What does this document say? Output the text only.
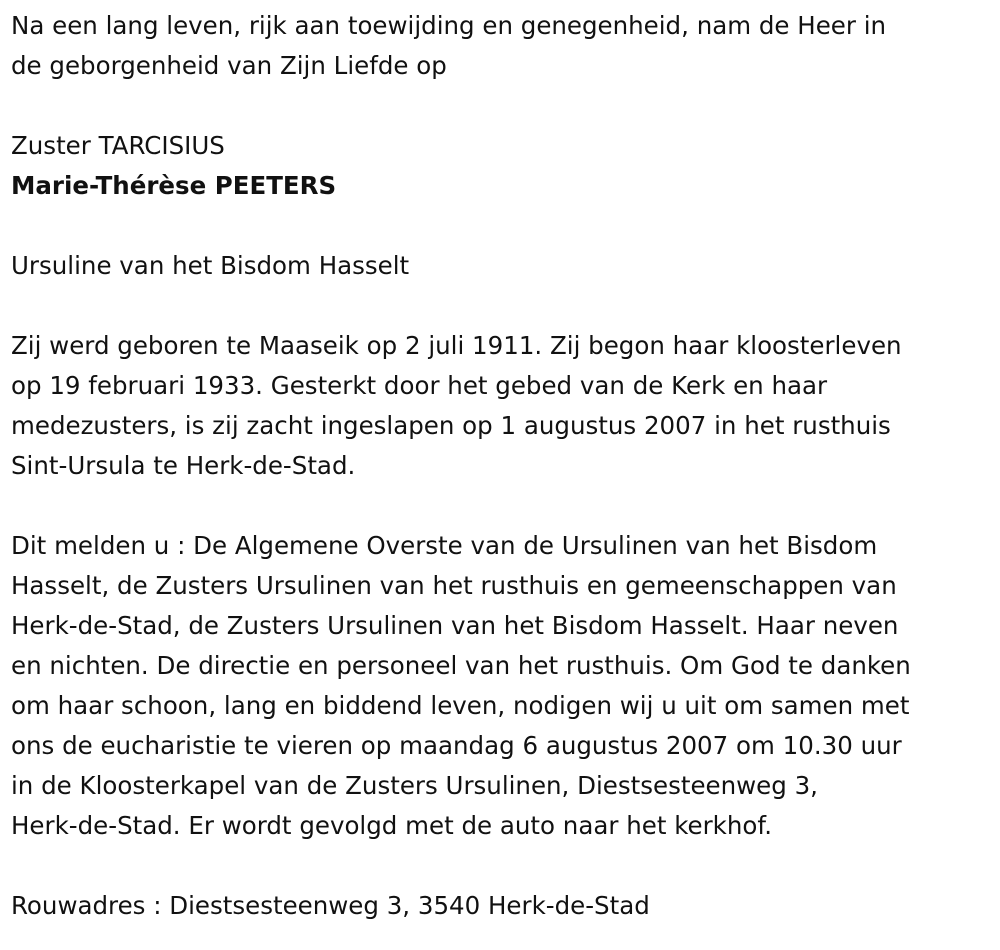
Na een lang leven, rijk aan toewijding en genegenheid, nam de Heer in
de geborgenheid van Zijn Liefde op

Zuster TARCISIUS

Marie-Thérèse PEETERS

Ursuline van het Bisdom Hasselt

Zij werd geboren te Maaseik op 2 juli 1911. Zij begon haar kloosterleven
op 19 februari 1933. Gesterkt door het gebed van de Kerk en haar
medezusters, is zij zacht ingeslapen op 1 augustus 2007 in het rusthuis
Sint-Ursula te Herk-de-Stad.

Dit melden u : De Algemene Overste van de Ursulinen van het Bisdom
Hasselt, de Zusters Ursulinen van het rusthuis en gemeenschappen van
Herk-de-Stad, de Zusters Ursulinen van het Bisdom Hasselt. Haar neven
en nichten. De directie en personeel van het rusthuis. Om God te danken
om haar schoon, lang en biddend leven, nodigen wij u uit om samen met
ons de eucharistie te vieren op maandag 6 augustus 2007 om 10.30 uur
in de Kloosterkapel van de Zusters Ursulinen, Diestsesteenweg 3,
Herk-de-Stad. Er wordt gevolgd met de auto naar het kerkhof.

Rouwadres : Diestsesteenweg 3, 3540 Herk-de-Stad
